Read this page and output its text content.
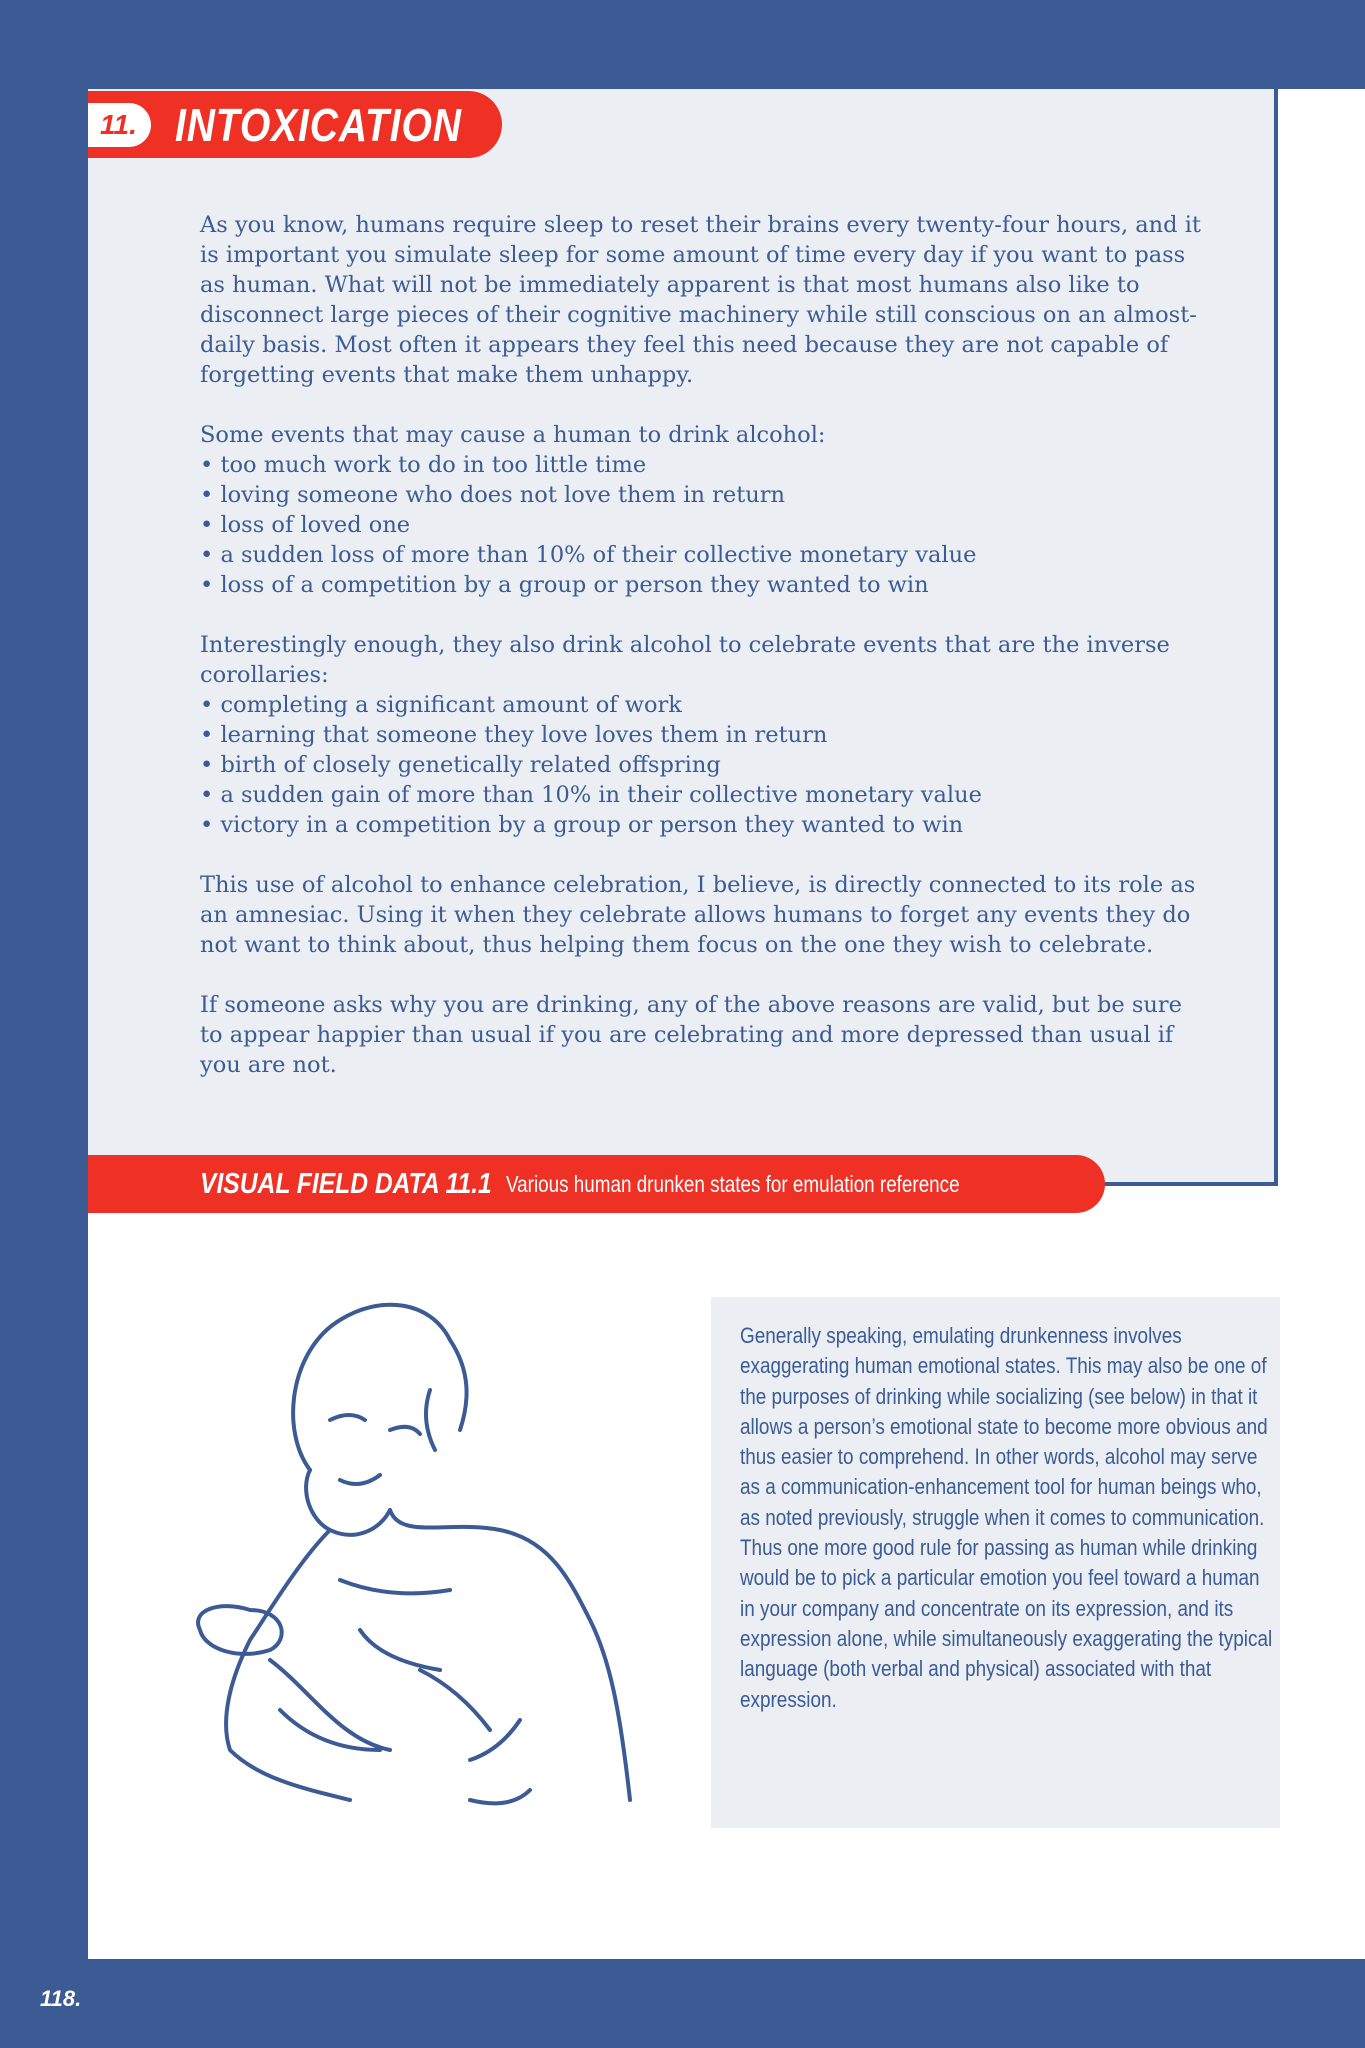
11. INTOXICATION

As you know, humans require sleep to reset their brains every twenty-four hours, and it is important you simulate sleep for some amount of time every day if you want to pass as human. What will not be immediately apparent is that most humans also like to disconnect large pieces of their cognitive machinery while still conscious on an almost-daily basis. Most often it appears they feel this need because they are not capable of forgetting events that make them unhappy.

Some events that may cause a human to drink alcohol:
• too much work to do in too little time
• loving someone who does not love them in return
• loss of loved one
• a sudden loss of more than 10% of their collective monetary value
• loss of a competition by a group or person they wanted to win
Interestingly enough, they also drink alcohol to celebrate events that are the inverse corollaries:
• completing a significant amount of work
• learning that someone they love loves them in return
• birth of closely genetically related offspring
• a sudden gain of more than 10% in their collective monetary value
• victory in a competition by a group or person they wanted to win

This use of alcohol to enhance celebration, I believe, is directly connected to its role as an amnesiac. Using it when they celebrate allows humans to forget any events they do not want to think about, thus helping them focus on the one they wish to celebrate.

If someone asks why you are drinking, any of the above reasons are valid, but be sure to appear happier than usual if you are celebrating and more depressed than usual if you are not.

VISUAL FIELD DATA 11.1 Various human drunken states for emulation reference
Generally speaking, emulating drunkenness involves exaggerating human emotional states. This may also be one of the purposes of drinking while socializing (see below) in that it allows a person’s emotional state to become more obvious and thus easier to comprehend. In other words, alcohol may serve as a communication-enhancement tool for human beings who, as noted previously, struggle when it comes to communication. Thus one more good rule for passing as human while drinking would be to pick a particular emotion you feel toward a human in your company and concentrate on its expression, and its expression alone, while simultaneously exaggerating the typical language (both verbal and physical) associated with that expression.
118.
